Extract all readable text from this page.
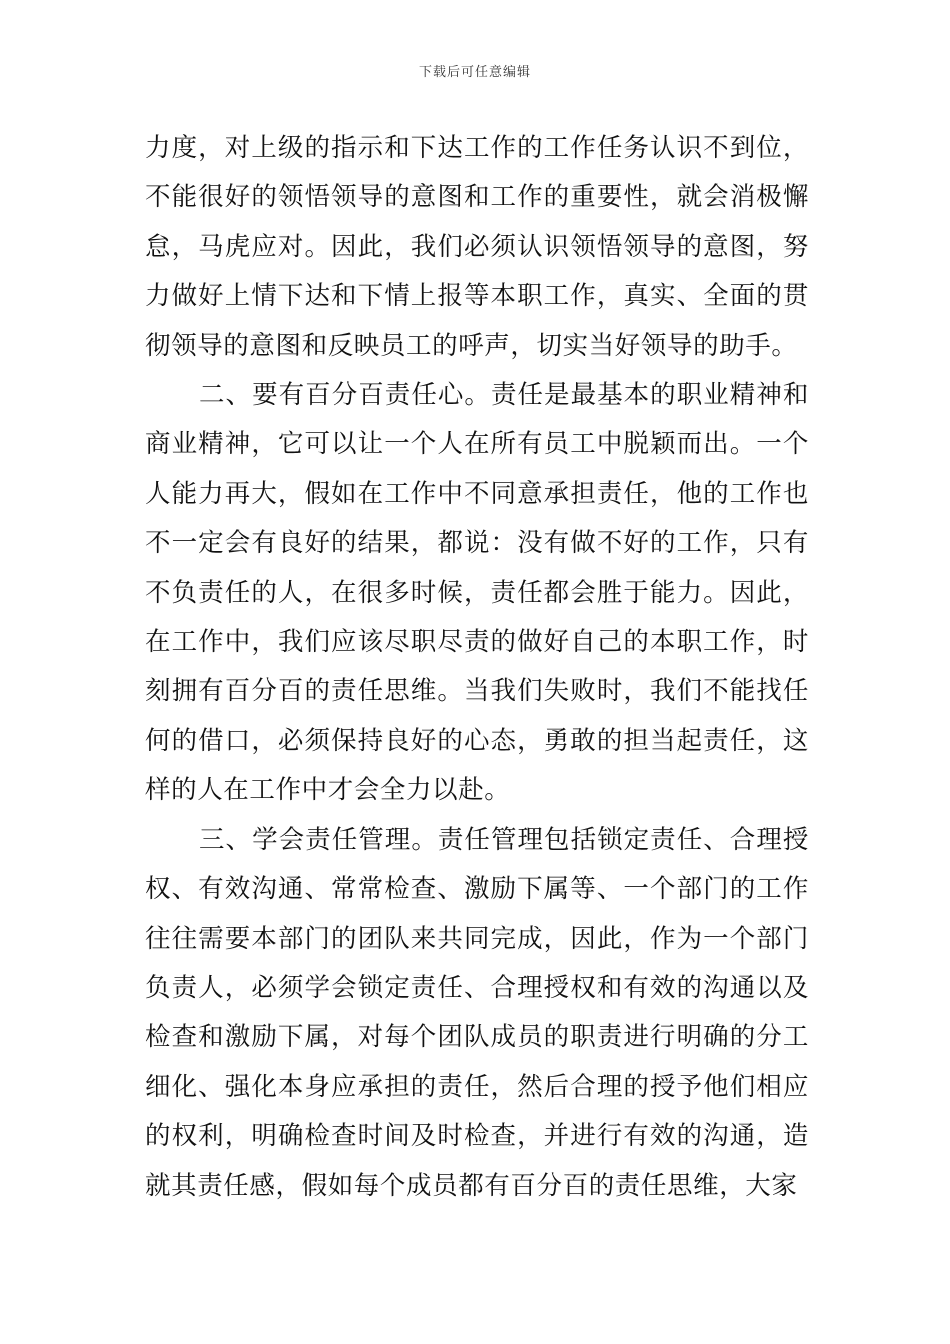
下载后可任意编辑

力度，对上级的指示和下达工作的工作任务认识不到位，不能很好的领悟领导的意图和工作的重要性，就会消极懈怠，马虎应对。因此，我们必须认识领悟领导的意图，努力做好上情下达和下情上报等本职工作，真实、全面的贯彻领导的意图和反映员工的呼声，切实当好领导的助手。

二、要有百分百责任心。责任是最基本的职业精神和商业精神，它可以让一个人在所有员工中脱颖而出。一个人能力再大，假如在工作中不同意承担责任，他的工作也不一定会有良好的结果，都说：没有做不好的工作，只有不负责任的人，在很多时候，责任都会胜于能力。因此，在工作中，我们应该尽职尽责的做好自己的本职工作，时刻拥有百分百的责任思维。当我们失败时，我们不能找任何的借口，必须保持良好的心态，勇敢的担当起责任，这样的人在工作中才会全力以赴。

三、学会责任管理。责任管理包括锁定责任、合理授权、有效沟通、常常检查、激励下属等、一个部门的工作往往需要本部门的团队来共同完成，因此，作为一个部门负责人，必须学会锁定责任、合理授权和有效的沟通以及检查和激励下属，对每个团队成员的职责进行明确的分工细化、强化本身应承担的责任，然后合理的授予他们相应的权利，明确检查时间及时检查，并进行有效的沟通，造就其责任感，假如每个成员都有百分百的责任思维，大家
